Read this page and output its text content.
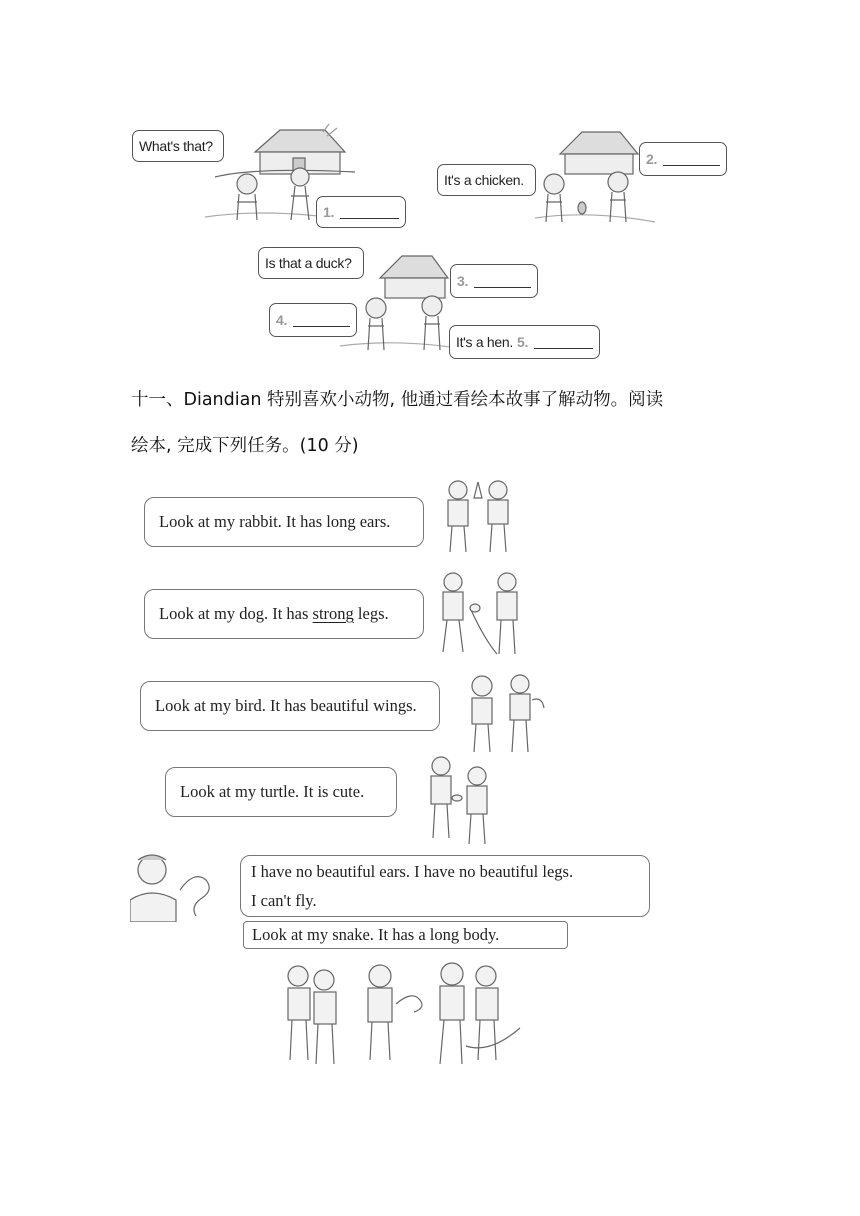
What's that?
1.
It's a chicken.
2.
Is that a duck?
3.
4.
It's a hen. 5.
十一、Diandian 特别喜欢小动物, 他通过看绘本故事了解动物。阅读
绘本, 完成下列任务。(10 分)
Look at my rabbit. It has long ears.
Look at my dog. It has strong legs.
Look at my bird. It has beautiful wings.
Look at my turtle. It is cute.
I have no beautiful ears. I have no beautiful legs.
I can't fly.
Look at my snake. It has a long body.
